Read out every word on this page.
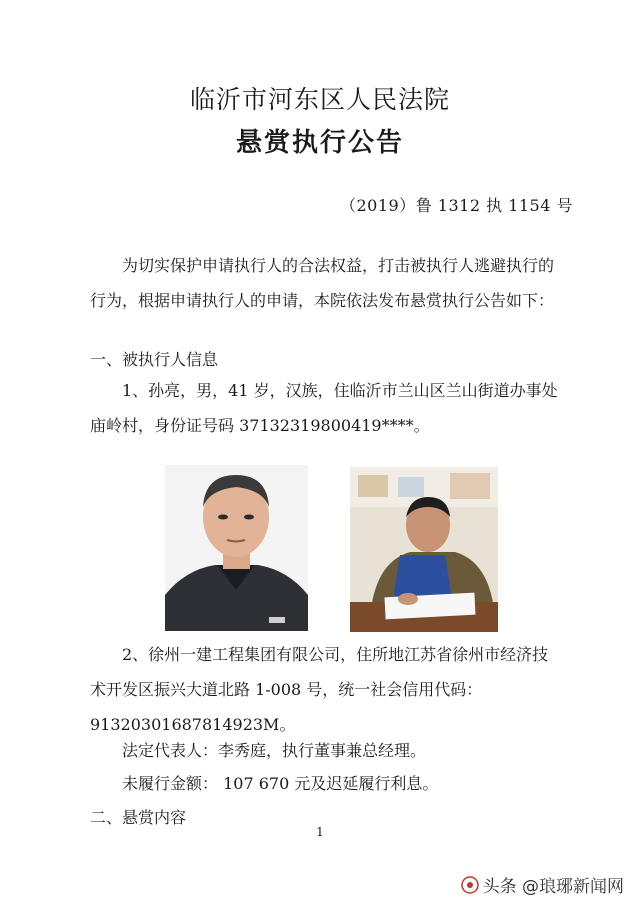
临沂市河东区人民法院
悬赏执行公告
（2019）鲁 1312 执 1154 号
为切实保护申请执行人的合法权益，打击被执行人逃避执行的行为，根据申请执行人的申请，本院依法发布悬赏执行公告如下：
一、被执行人信息
1、孙亮，男，41 岁，汉族，住临沂市兰山区兰山街道办事处庙岭村，身份证号码 37132319800419****。
2、徐州一建工程集团有限公司，住所地江苏省徐州市经济技术开发区振兴大道北路 1-008 号，统一社会信用代码：91320301687814923M。
法定代表人：李秀庭，执行董事兼总经理。
未履行金额： 107 670 元及迟延履行利息。
二、悬赏内容
1
头条 @琅琊新闻网
